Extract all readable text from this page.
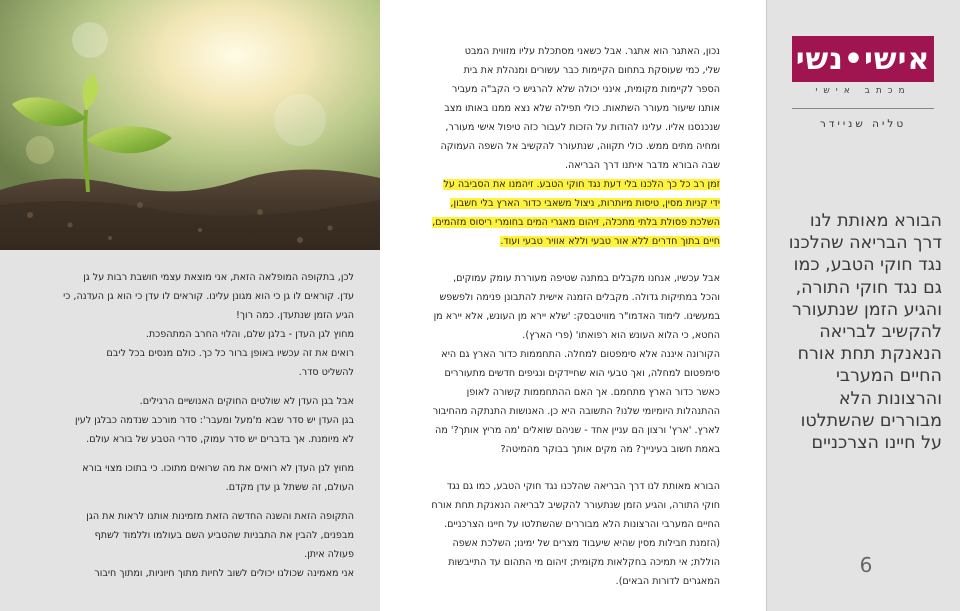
לכן, בתקופה המופלאה הזאת, אני מוצאת עצמי חושבת רבות על גן

עדן. קוראים לו גן כי הוא מגונן עלינו. קוראים לו עדן כי הוא גן העדנה, כי

הגיע הזמן שנתעדן. כמה רוך!

מחוץ לגן העדן - בלגן שלם, והלוי החרב המתהפכת.

רואים את זה עכשיו באופן ברור כל כך. כולם מנסים בכל ליבם

להשליט סדר.

אבל בגן העדן לא שולטים החוקים האנושיים הרגילים.

בגן העדן יש סדר שבא מ'מעל ומעבר': סדר מורכב שנדמה כבלגן לעין

לא מיומנת. אך בדברים יש סדר עמוק, סדרי הטבע של בורא עולם.

מחוץ לגן העדן לא רואים את מה שרואים מתוכו. כי בתוכו מצוי בורא

העולם, זה ששתל גן עדן מקדם.

התקופה הזאת והשנה החדשה הזאת מזמינות אותנו לראות את הגן

מבפנים, להבין את התבניות שהטביע השם בעולמו וללמוד לשתף

פעולה איתן.

אני מאמינה שכולנו יכולים לשוב לחיות מתוך חיוניות, ומתוך חיבור

נכון, האתגר הוא אתגר. אבל כשאני מסתכלת עליו מזווית המבט

שלי, כמי שעוסקת בתחום הקיימות כבר עשורים ומנהלת את בית

הספר לקיימות מקומית, אינני יכולה שלא להרגיש כי הקב"ה מעביר

אותנו שיעור מעורר השתאות. כולי תפילה שלא נצא ממנו באותו מצב

שנכנסנו אליו. עלינו להודות על הזכות לעבור כזה טיפול אישי מעורר,

ומחיה מתים ממש. כולי תקווה, שנתעורר להקשיב אל השפה העמוקה

שבה הבורא מדבר איתנו דרך הבריאה.

זמן רב כל כך הלכנו בלי דעת נגד חוקי הטבע. זיהמנו את הסביבה על

ידי קניות מסין, טיסות מיותרות, ניצול משאבי כדור הארץ בלי חשבון,

השלכת פסולת בלתי מתכלה, זיהום מאגרי המים בחומרי ריסוס מזהמים,

חיים בתוך חדרים ללא אור טבעי וללא אוויר טבעי ועוד.

אבל עכשיו, אנחנו מקבלים במתנה שטיפה מעוררת עומק עמוקים,

והכל במתיקות גדולה. מקבלים הזמנה אישית להתבונן פנימה ולפשפש

במעשינו. לימוד האדמו"ר מוויטבסק: 'שלא יירא מן העונש, אלא יירא מן

החטא, כי הלוא העונש הוא רפואתו' (פרי הארץ).

הקורונה איננה אלא סימפטום למחלה. התחממות כדור הארץ גם היא

סימפטום למחלה, ואך טבעי הוא שחיידקים ונגיפים חדשים מתעוררים

כאשר כדור הארץ מתחמם. אך האם ההתחממות קשורה לאופן

ההתנהלות היומיומי שלנו? התשובה היא כן. האנושות התנתקה מהחיבור

לארץ. 'ארץ' ורצון הם עניין אחד - שניהם שואלים 'מה מריץ אותך?' מה

באמת חשוב בעינייך? מה מקים אותך בבוקר מהמיטה?

הבורא מאותת לנו דרך הבריאה שהלכנו נגד חוקי הטבע, כמו גם נגד

חוקי התורה, והגיע הזמן שנתעורר להקשיב לבריאה הנאנקת תחת אורח

החיים המערבי והרצונות הלא מבוררים שהשתלטו על חיינו הצרכניים.

(הזמנת חבילות מסין שהיא שיעבוד מצרים של ימינו; השלכת אשפה

הוללת; אי תמיכה בחקלאות מקומית; זיהום מי התהום עד התייבשות

המאגרים לדורות הבאים).

אישי•נשי
מכתב אישי
טליה שניידר
הבורא מאותת לנו דרך הבריאה שהלכנו נגד חוקי הטבע, כמו גם נגד חוקי התורה, והגיע הזמן שנתעורר להקשיב לבריאה הנאנקת תחת אורח החיים המערבי והרצונות הלא מבוררים שהשתלטו על חיינו הצרכניים
6
